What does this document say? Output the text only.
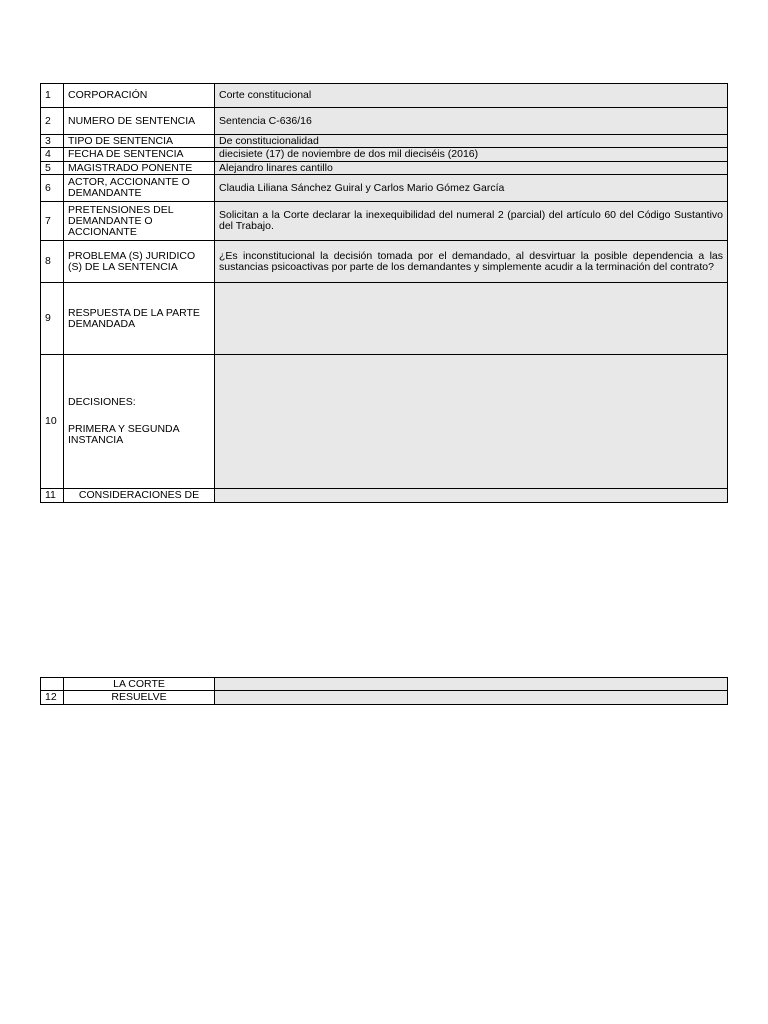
1	CORPORACIÓN	Corte constitucional
2	NUMERO DE SENTENCIA	Sentencia C-636/16
3	TIPO DE SENTENCIA	De constitucionalidad
4	FECHA DE SENTENCIA	diecisiete (17) de noviembre de dos mil dieciséis (2016)
5	MAGISTRADO PONENTE	Alejandro linares cantillo
6	ACTOR, ACCIONANTE O DEMANDANTE	Claudia Liliana Sánchez Guiral y Carlos Mario Gómez García
7	PRETENSIONES DEL DEMANDANTE O ACCIONANTE	Solicitan a la Corte declarar la inexequibilidad del numeral 2 (parcial) del artículo 60 del Código Sustantivo del Trabajo.
8	PROBLEMA (S) JURIDICO (S) DE LA SENTENCIA	¿Es inconstitucional la decisión tomada por el demandado, al desvirtuar la posible dependencia a las sustancias psicoactivas por parte de los demandantes y simplemente acudir a la terminación del contrato?
9	RESPUESTA DE LA PARTE DEMANDADA	
10	DECISIONES:
PRIMERA Y SEGUNDA INSTANCIA	

11	CONSIDERACIONES DE	
	LA CORTE	
12	RESUELVE	
